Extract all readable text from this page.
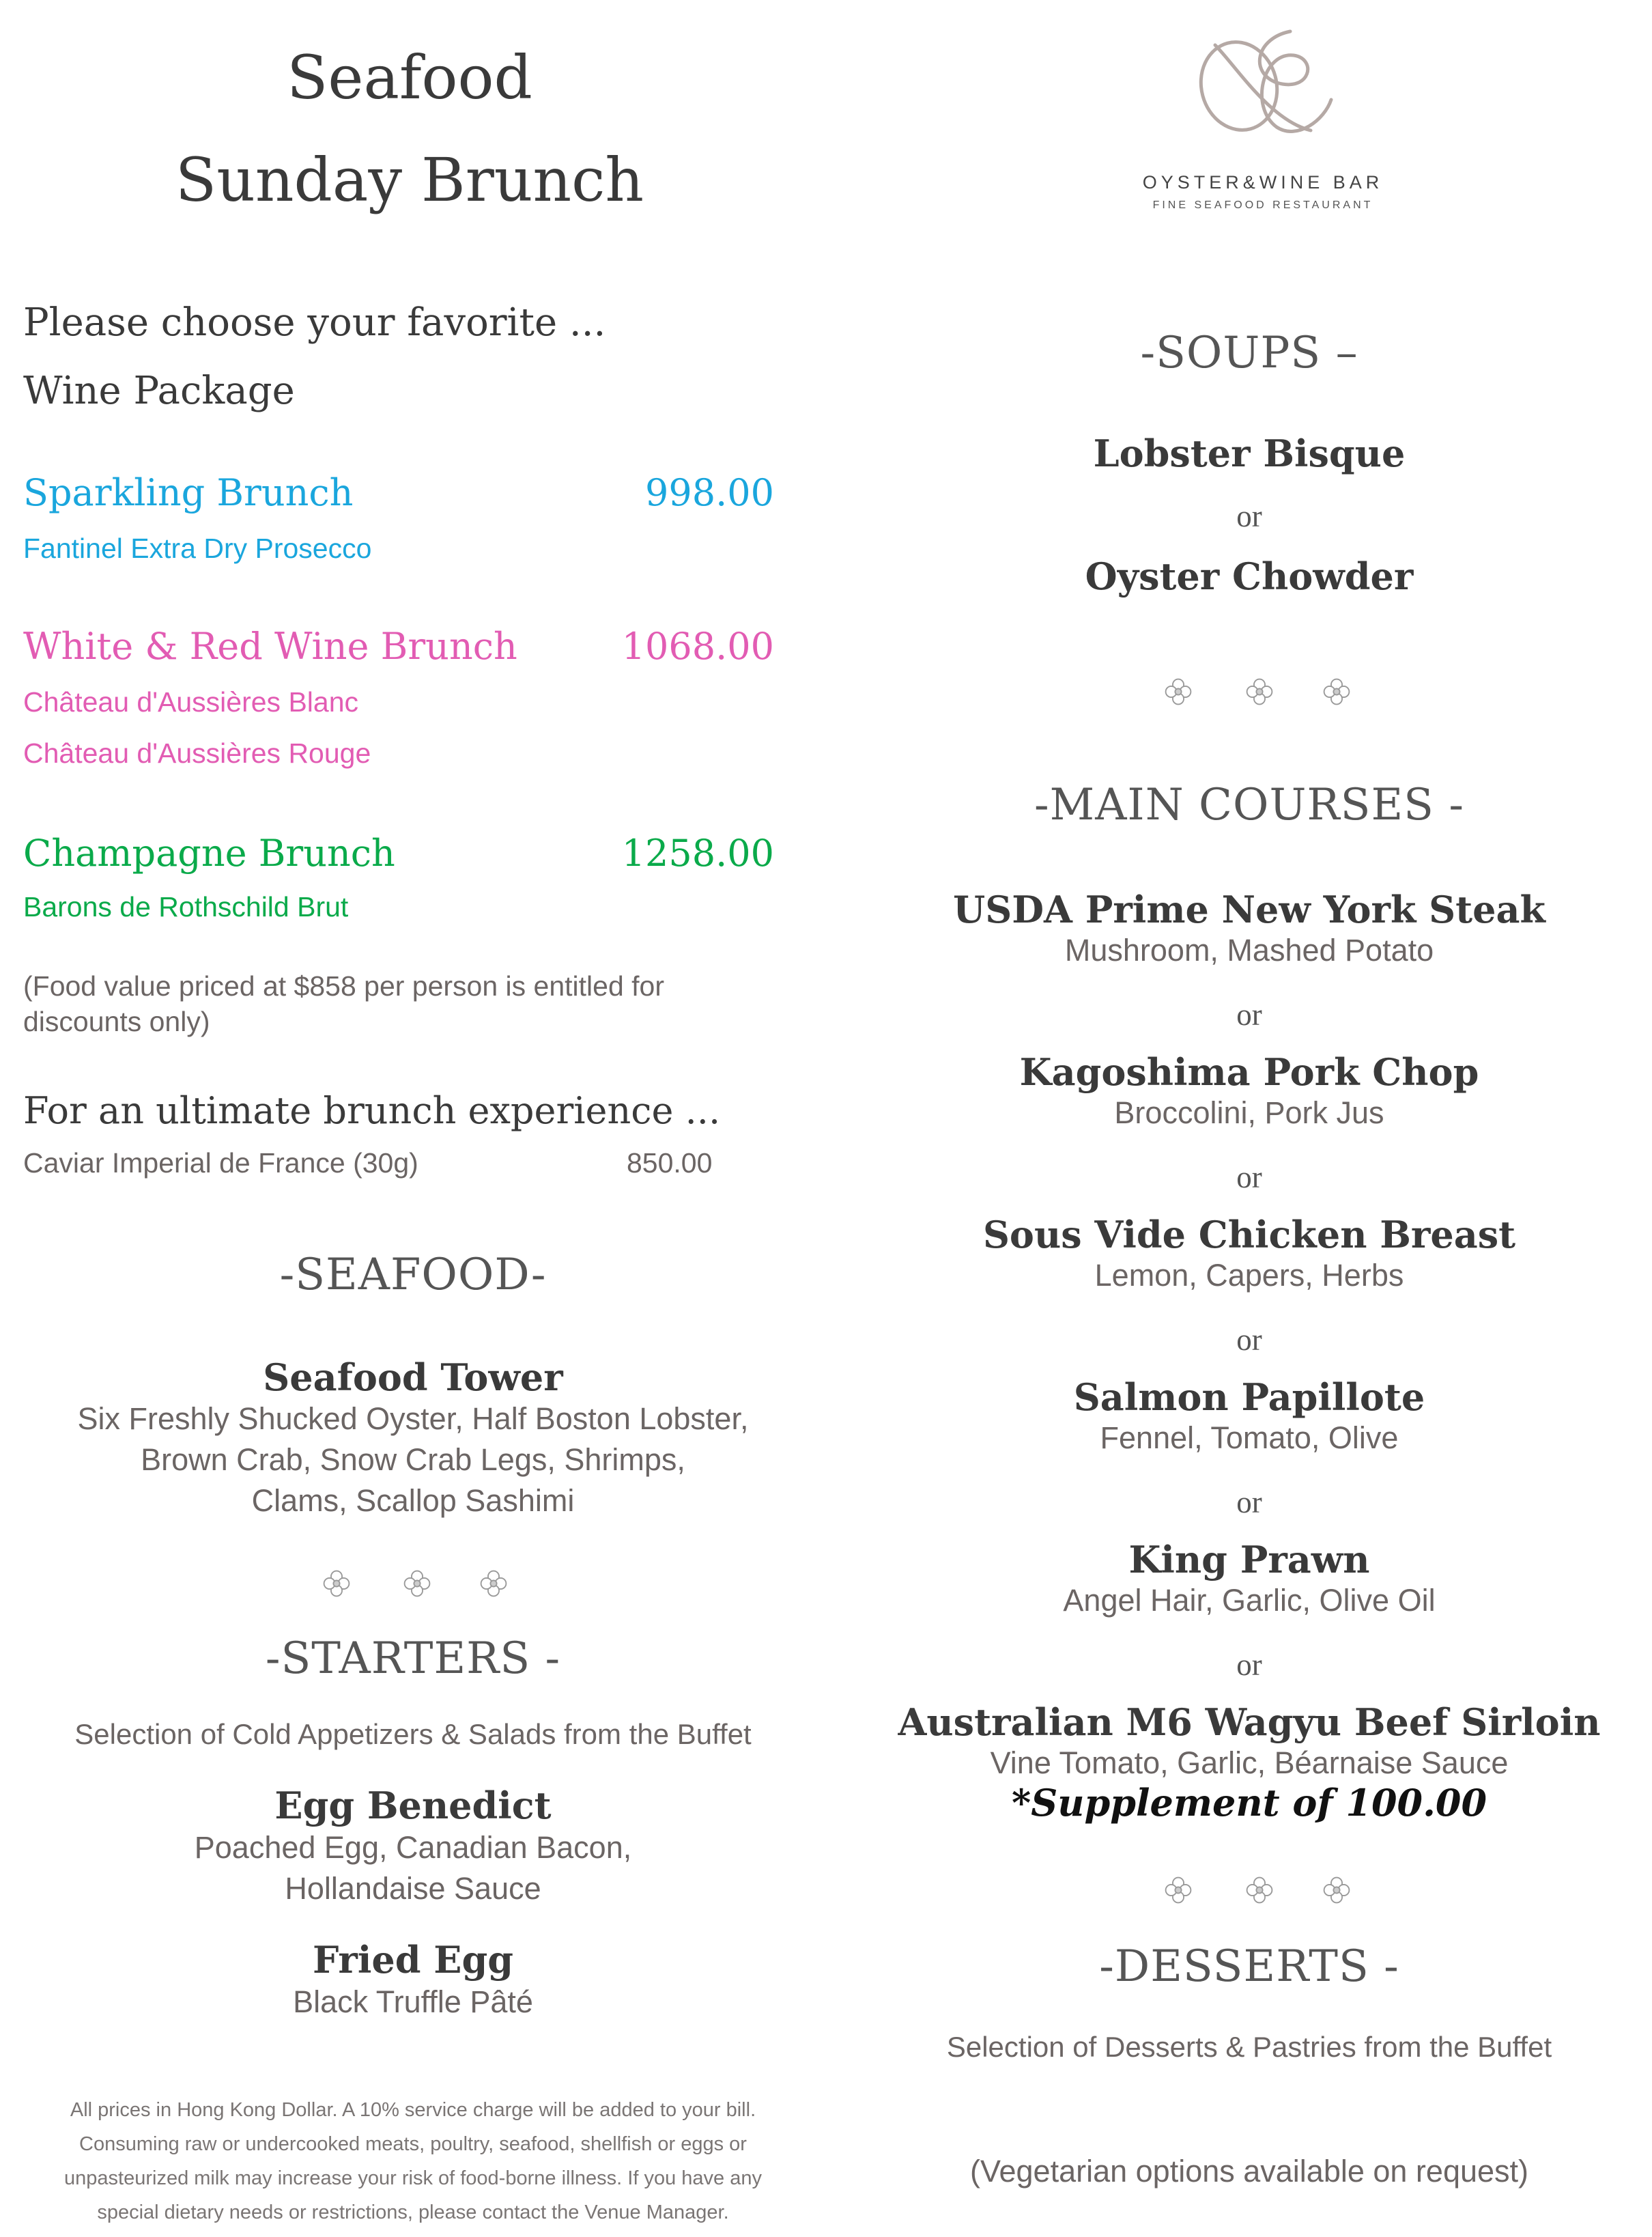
Seafood
Sunday Brunch
Please choose your favorite ...
Wine Package
Sparkling Brunch	998.00
Fantinel Extra Dry Prosecco
White & Red Wine Brunch	1068.00
Château d'Aussières Blanc
Château d'Aussières Rouge
Champagne Brunch	1258.00
Barons de Rothschild Brut
(Food value priced at $858 per person is entitled for discounts only)
For an ultimate brunch experience ...
Caviar Imperial de France (30g)	850.00
-SEAFOOD-
Seafood Tower
Six Freshly Shucked Oyster, Half Boston Lobster,
Brown Crab, Snow Crab Legs, Shrimps,
Clams, Scallop Sashimi
-STARTERS -
Selection of Cold Appetizers & Salads from the Buffet
Egg Benedict
Poached Egg, Canadian Bacon,
Hollandaise Sauce
Fried Egg
Black Truffle Pâté
All prices in Hong Kong Dollar. A 10% service charge will be added to your bill.
Consuming raw or undercooked meats, poultry, seafood, shellfish or eggs or
unpasteurized milk may increase your risk of food-borne illness. If you have any
special dietary needs or restrictions, please contact the Venue Manager.
OYSTER&WINE BAR
FINE SEAFOOD RESTAURANT
-SOUPS –
Lobster Bisque
or
Oyster Chowder
-MAIN COURSES -
USDA Prime New York Steak
Mushroom, Mashed Potato
or
Kagoshima Pork Chop
Broccolini, Pork Jus
or
Sous Vide Chicken Breast
Lemon, Capers, Herbs
or
Salmon Papillote
Fennel, Tomato, Olive
or
King Prawn
Angel Hair, Garlic, Olive Oil
or
Australian M6 Wagyu Beef Sirloin
Vine Tomato, Garlic, Béarnaise Sauce
*Supplement of 100.00
-DESSERTS -
Selection of Desserts & Pastries from the Buffet
(Vegetarian options available on request)
